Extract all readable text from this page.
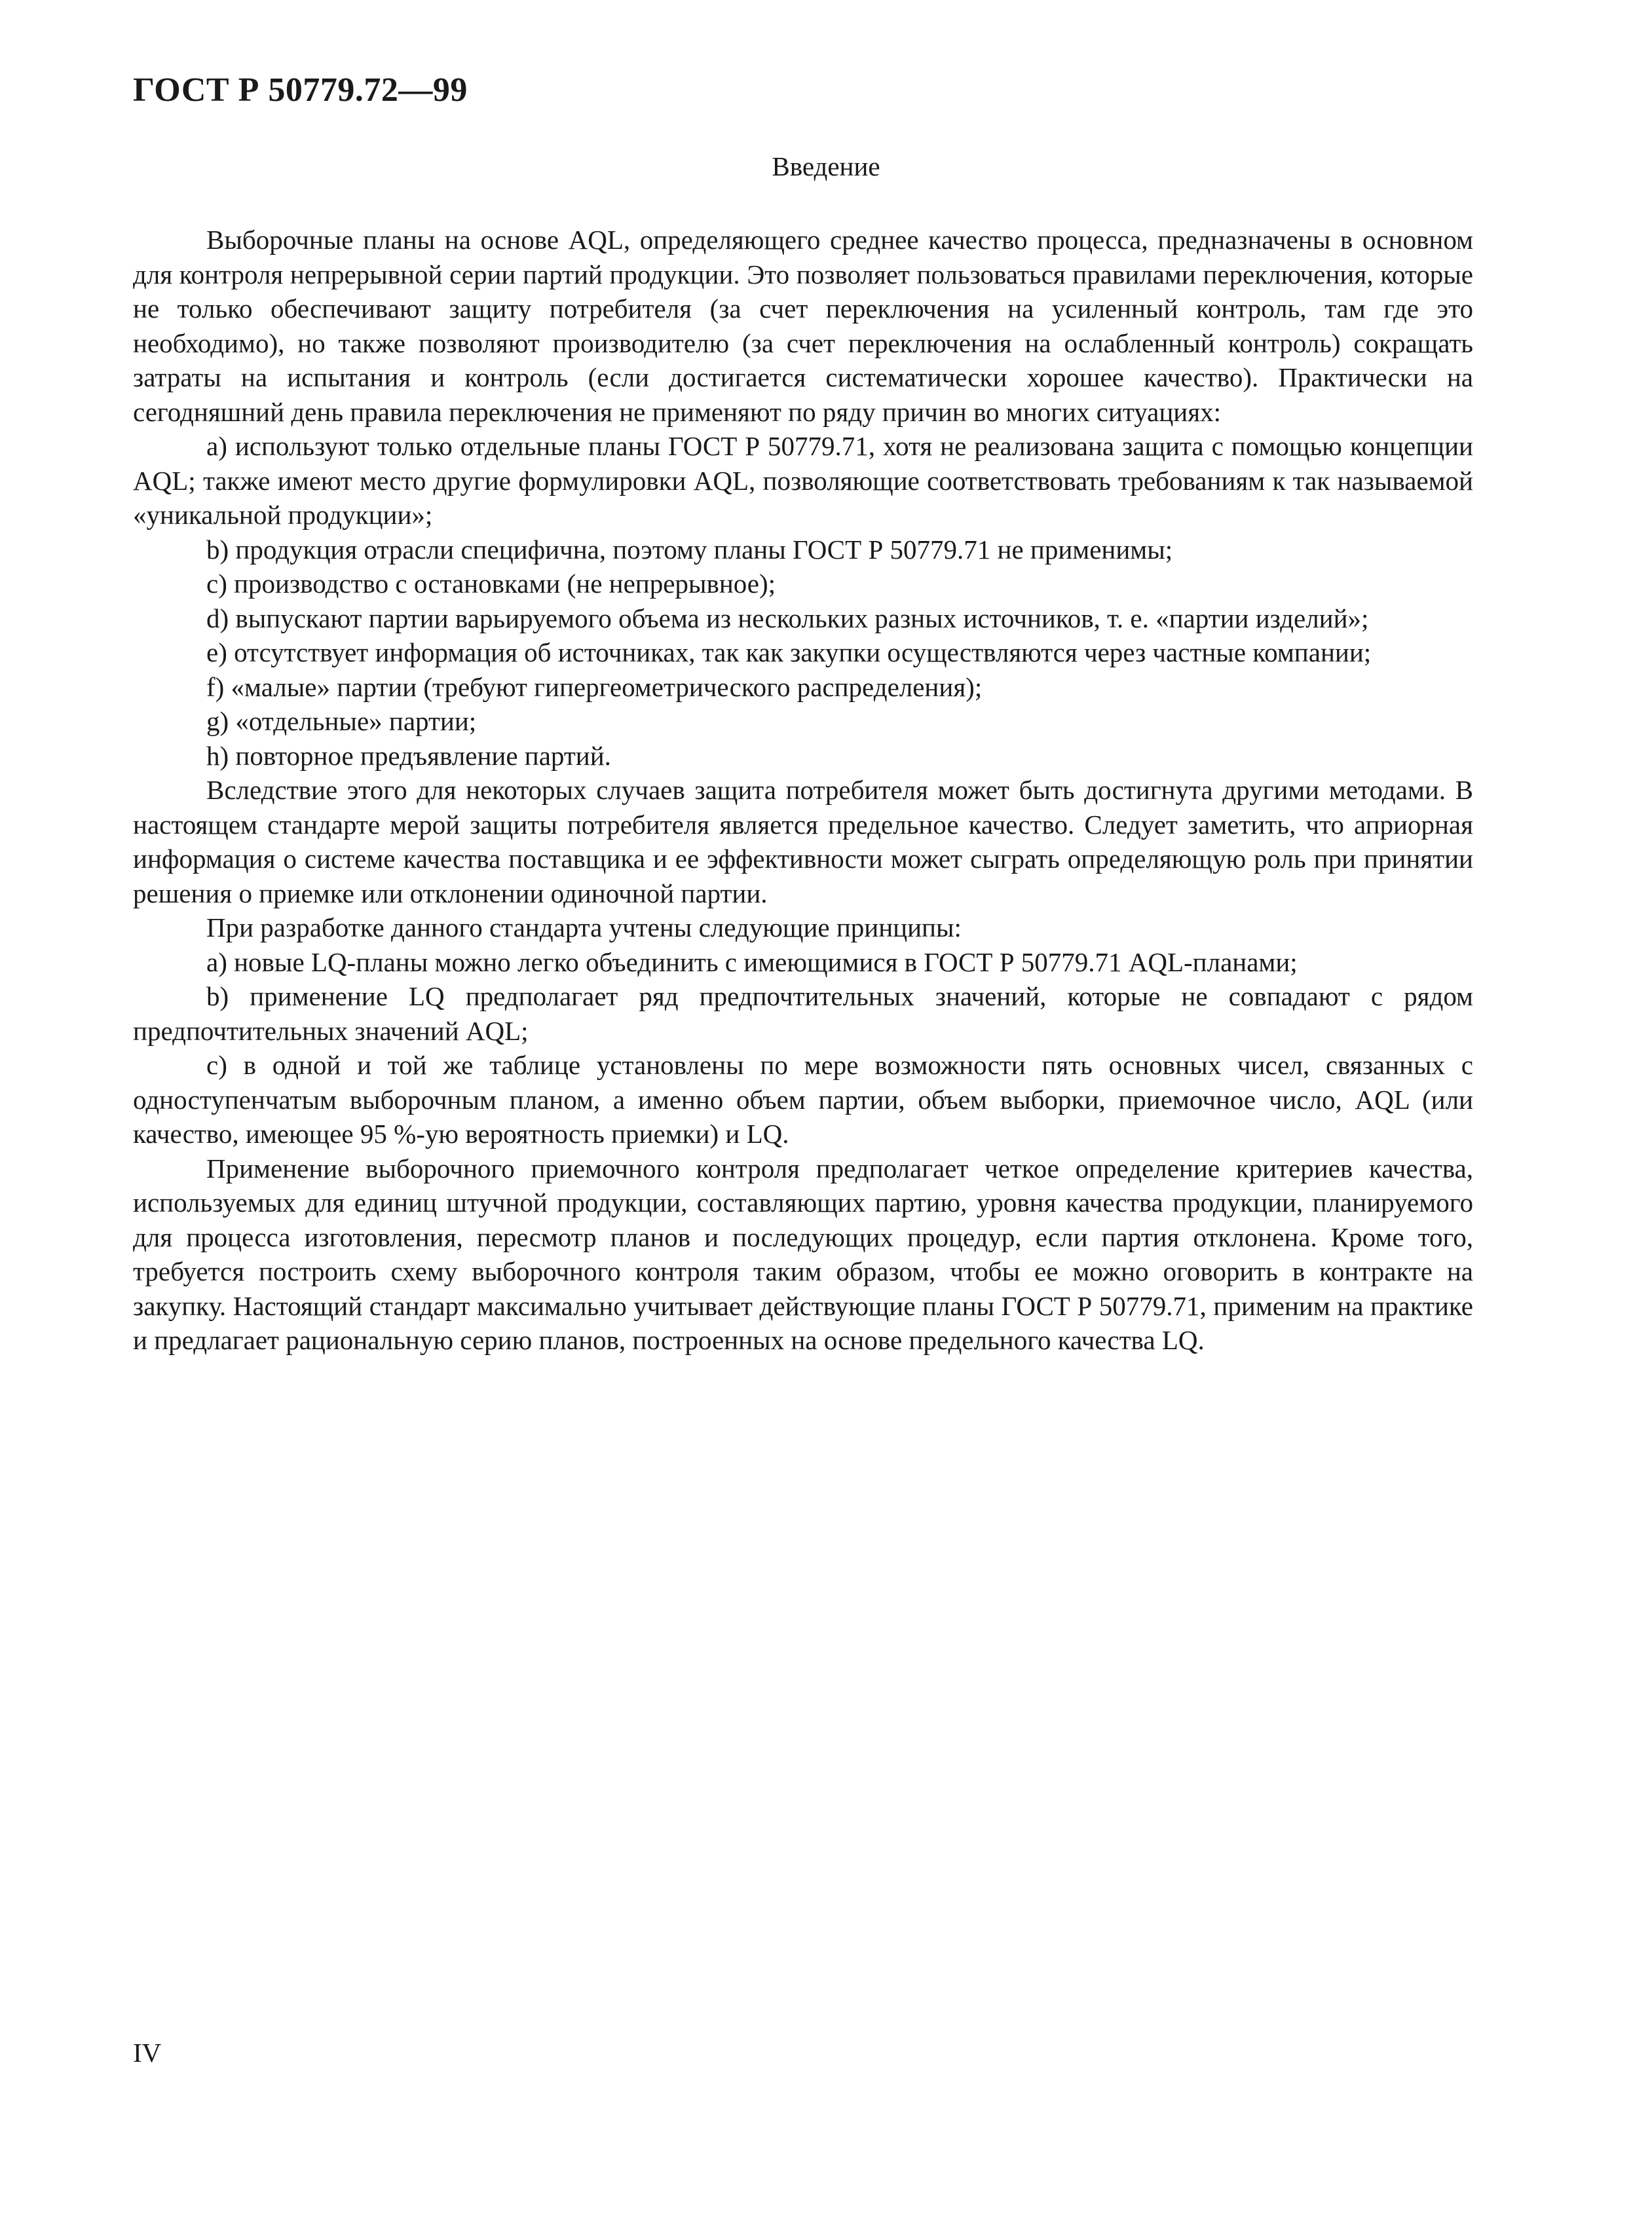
ГОСТ Р 50779.72—99
Введение

Выборочные планы на основе AQL, определяющего среднее качество процесса, предназначены в основном для контроля непрерывной серии партий продукции. Это позволяет пользоваться правилами переключения, которые не только обеспечивают защиту потребителя (за счет переключения на усиленный контроль, там где это необходимо), но также позволяют производителю (за счет переключения на ослабленный контроль) сокращать затраты на испытания и контроль (если достигается систематически хорошее качество). Практически на сегодняшний день правила переключения не применяют по ряду причин во многих ситуациях:

a) используют только отдельные планы ГОСТ Р 50779.71, хотя не реализована защита с помощью концепции AQL; также имеют место другие формулировки AQL, позволяющие соответствовать требованиям к так называемой «уникальной продукции»;

b) продукция отрасли специфична, поэтому планы ГОСТ Р 50779.71 не применимы;

c) производство с остановками (не непрерывное);

d) выпускают партии варьируемого объема из нескольких разных источников, т. е. «партии изделий»;

e) отсутствует информация об источниках, так как закупки осуществляются через частные компании;

f) «малые» партии (требуют гипергеометрического распределения);

g) «отдельные» партии;

h) повторное предъявление партий.

Вследствие этого для некоторых случаев защита потребителя может быть достигнута другими методами. В настоящем стандарте мерой защиты потребителя является предельное качество. Следует заметить, что априорная информация о системе качества поставщика и ее эффективности может сыграть определяющую роль при принятии решения о приемке или отклонении одиночной партии.

При разработке данного стандарта учтены следующие принципы:

a) новые LQ-планы можно легко объединить с имеющимися в ГОСТ Р 50779.71 AQL-планами;

b) применение LQ предполагает ряд предпочтительных значений, которые не совпадают с рядом предпочтительных значений AQL;

c) в одной и той же таблице установлены по мере возможности пять основных чисел, связанных с одноступенчатым выборочным планом, а именно объем партии, объем выборки, приемочное число, AQL (или качество, имеющее 95 %-ую вероятность приемки) и LQ.

Применение выборочного приемочного контроля предполагает четкое определение критериев качества, используемых для единиц штучной продукции, составляющих партию, уровня качества продукции, планируемого для процесса изготовления, пересмотр планов и последующих процедур, если партия отклонена. Кроме того, требуется построить схему выборочного контроля таким образом, чтобы ее можно оговорить в контракте на закупку. Настоящий стандарт максимально учитывает действующие планы ГОСТ Р 50779.71, применим на практике и предлагает рациональную серию планов, построенных на основе предельного качества LQ.

IV
